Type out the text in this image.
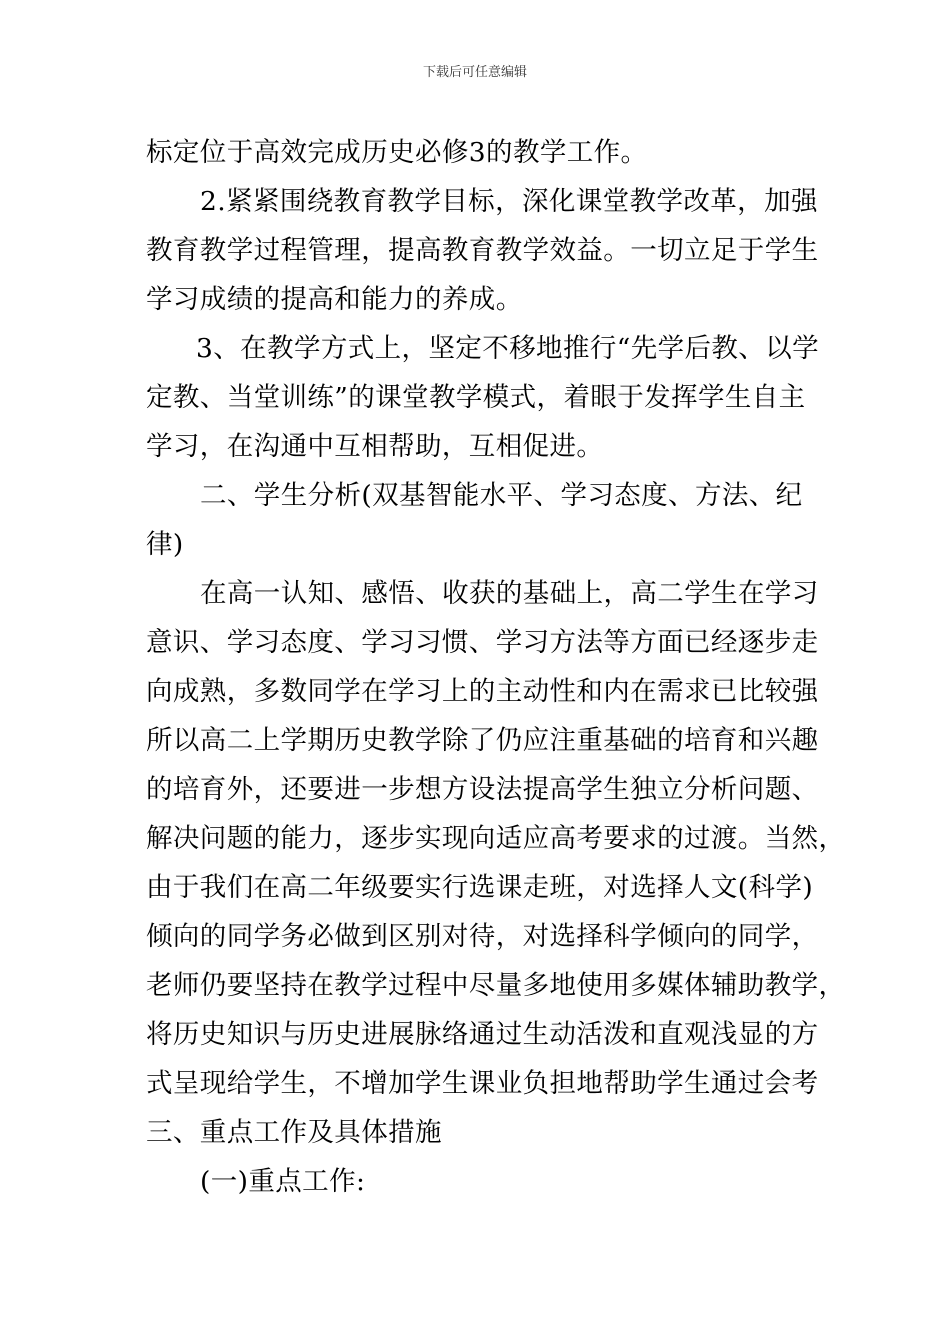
下载后可任意编辑
标定位于高效完成历史必修3的教学工作。
2.紧紧围绕教育教学目标，深化课堂教学改革，加强
教育教学过程管理，提高教育教学效益。一切立足于学生
学习成绩的提高和能力的养成。
3、在教学方式上，坚定不移地推行“先学后教、以学
定教、当堂训练”的课堂教学模式，着眼于发挥学生自主
学习，在沟通中互相帮助，互相促进。
二、学生分析(双基智能水平、学习态度、方法、纪
律)
在高一认知、感悟、收获的基础上，高二学生在学习
意识、学习态度、学习习惯、学习方法等方面已经逐步走
向成熟，多数同学在学习上的主动性和内在需求已比较强
所以高二上学期历史教学除了仍应注重基础的培育和兴趣
的培育外，还要进一步想方设法提高学生独立分析问题、
解决问题的能力，逐步实现向适应高考要求的过渡。当然，
由于我们在高二年级要实行选课走班，对选择人文(科学)
倾向的同学务必做到区别对待，对选择科学倾向的同学，
老师仍要坚持在教学过程中尽量多地使用多媒体辅助教学，
将历史知识与历史进展脉络通过生动活泼和直观浅显的方
式呈现给学生，不增加学生课业负担地帮助学生通过会考
三、重点工作及具体措施
(一)重点工作:
